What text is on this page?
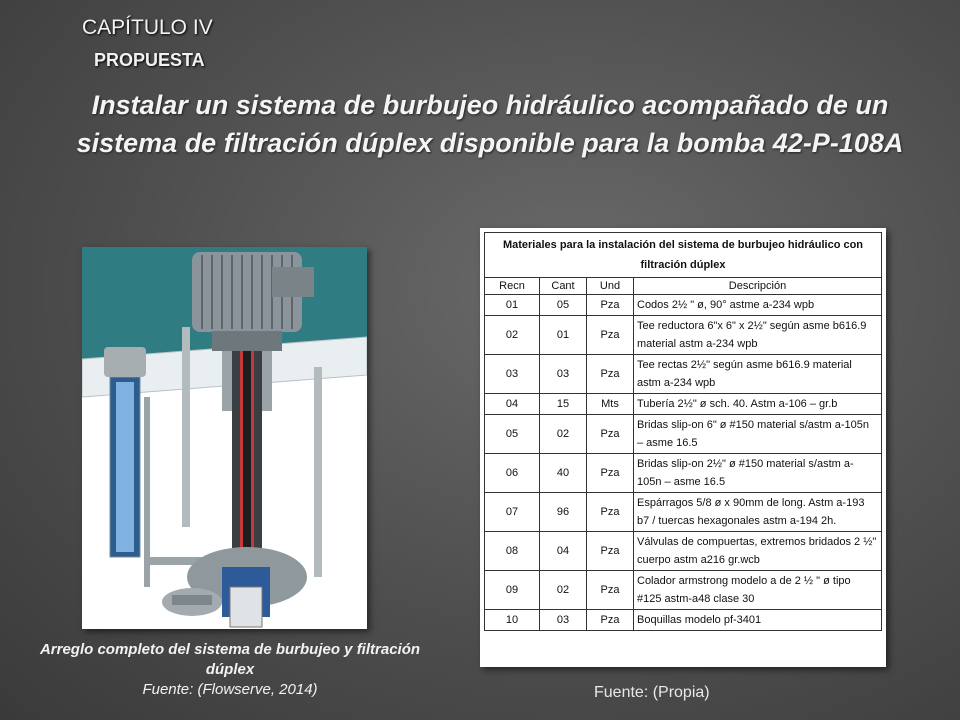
CAPÍTULO IV
PROPUESTA
Instalar un sistema de burbujeo hidráulico acompañado de un sistema de filtración dúplex disponible para la bomba 42-P-108A
Arreglo completo del sistema de burbujeo y filtración dúplex
Fuente: (Flowserve, 2014)
Materiales para la instalación del sistema de burbujeo hidráulico con filtración dúplex			
Recn	Cant	Und	Descripción
01	05	Pza	Codos 2½ " ø, 90° astme a-234 wpb
02	01	Pza	Tee reductora 6"x 6" x 2½" según asme b616.9 material astm a-234 wpb
03	03	Pza	Tee rectas 2½" según asme b616.9 material astm a-234 wpb
04	15	Mts	Tubería 2½" ø sch. 40. Astm a-106 – gr.b
05	02	Pza	Bridas slip-on 6" ø #150 material s/astm a-105n – asme 16.5
06	40	Pza	Bridas slip-on 2½" ø #150 material s/astm a-105n – asme 16.5
07	96	Pza	Espárragos 5/8 ø x 90mm de long. Astm a-193 b7 / tuercas hexagonales astm a-194 2h.
08	04	Pza	Válvulas de compuertas, extremos bridados 2 ½" cuerpo astm a216 gr.wcb
09	02	Pza	Colador armstrong modelo a de 2 ½ " ø tipo #125 astm-a48 clase 30
10	03	Pza	Boquillas modelo pf-3401
Fuente: (Propia)
